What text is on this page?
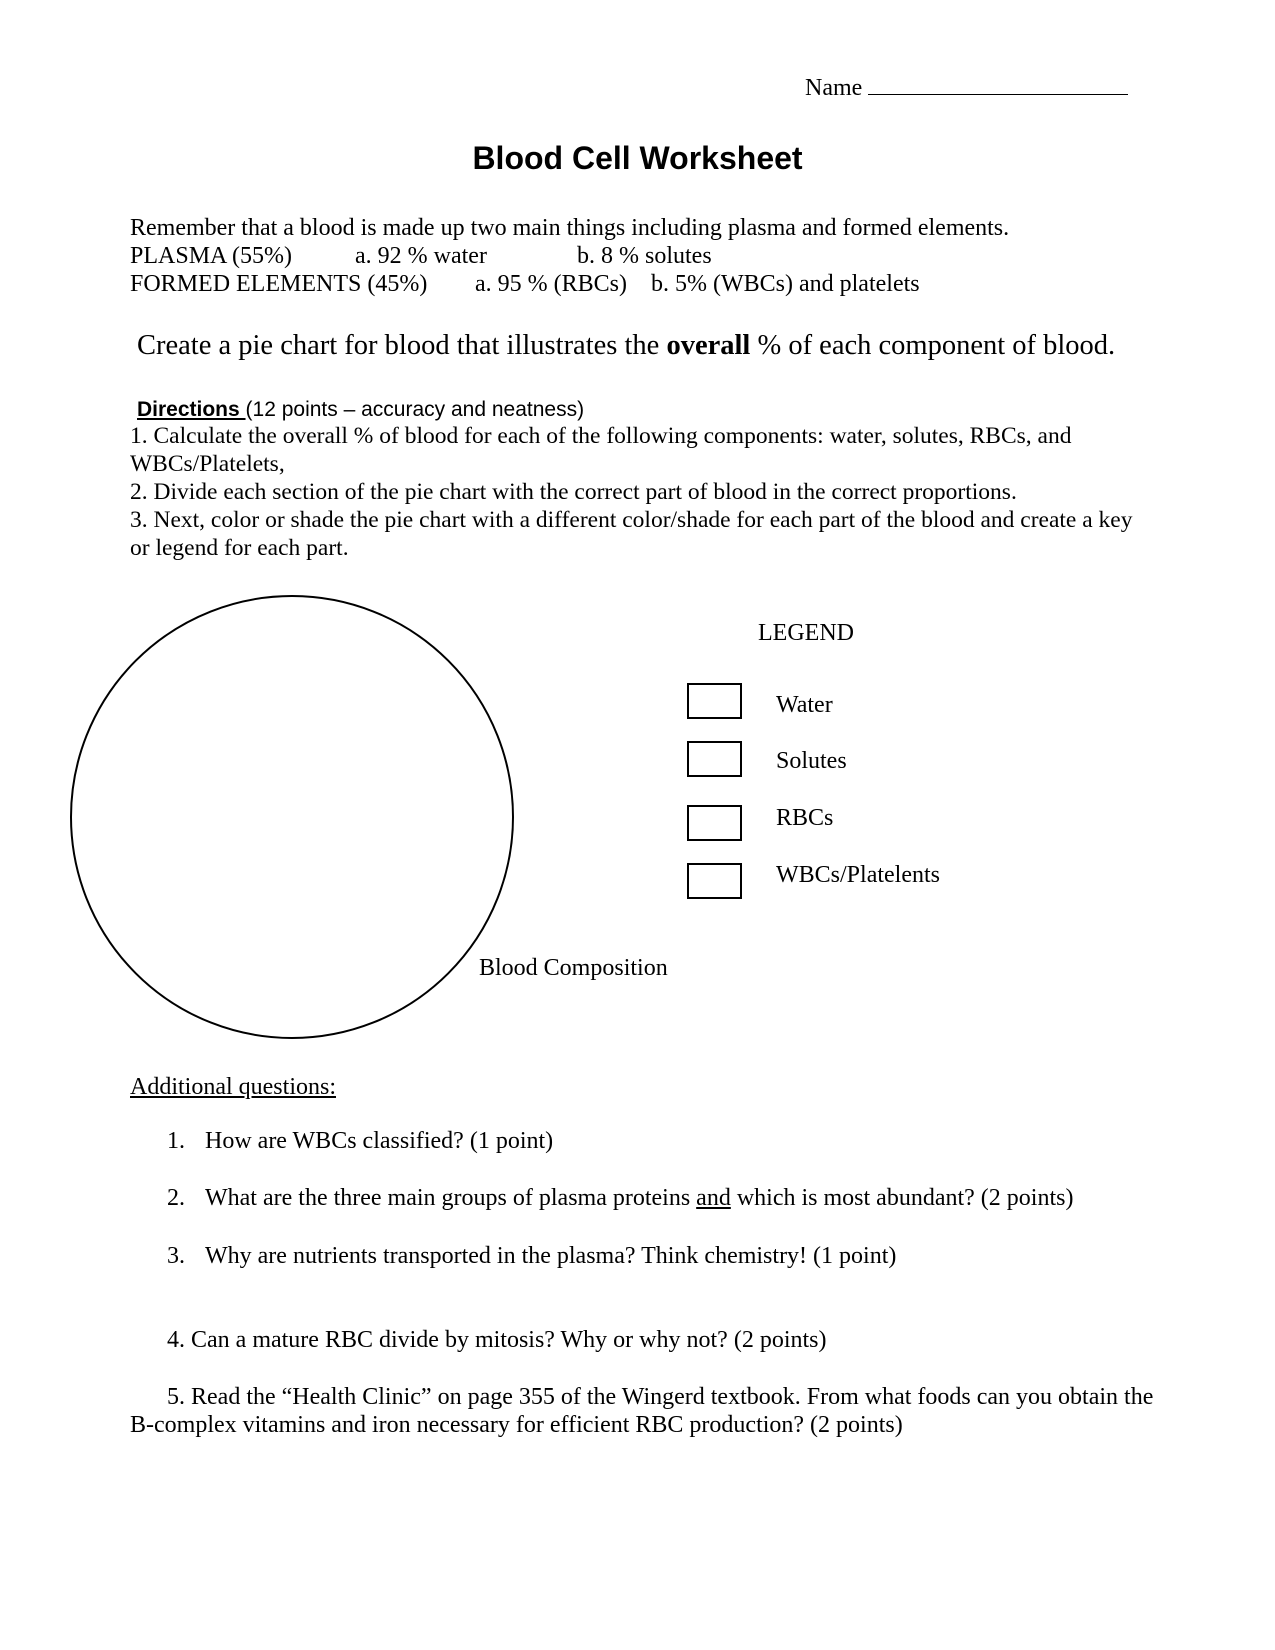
Name
Blood Cell Worksheet
Remember that a blood is made up two main things including plasma and formed elements.
PLASMA (55%)	a. 92 % water	b. 8 % solutes
FORMED ELEMENTS (45%) a. 95 % (RBCs) b. 5% (WBCs) and platelets
Create a pie chart for blood that illustrates the overall % of each component of blood.
Directions (12 points – accuracy and neatness)
1. Calculate the overall % of blood for each of the following components: water, solutes, RBCs, and WBCs/Platelets,
2. Divide each section of the pie chart with the correct part of blood in the correct proportions.
3. Next, color or shade the pie chart with a different color/shade for each part of the blood and create a key or legend for each part.
LEGEND
Water
Solutes
RBCs
WBCs/Platelents
Blood Composition
Additional questions:
1. How are WBCs classified? (1 point)
2. What are the three main groups of plasma proteins and which is most abundant? (2 points)
3. Why are nutrients transported in the plasma? Think chemistry! (1 point)
4. Can a mature RBC divide by mitosis? Why or why not? (2 points)
5. Read the “Health Clinic” on page 355 of the Wingerd textbook. From what foods can you obtain the B-complex vitamins and iron necessary for efficient RBC production? (2 points)
